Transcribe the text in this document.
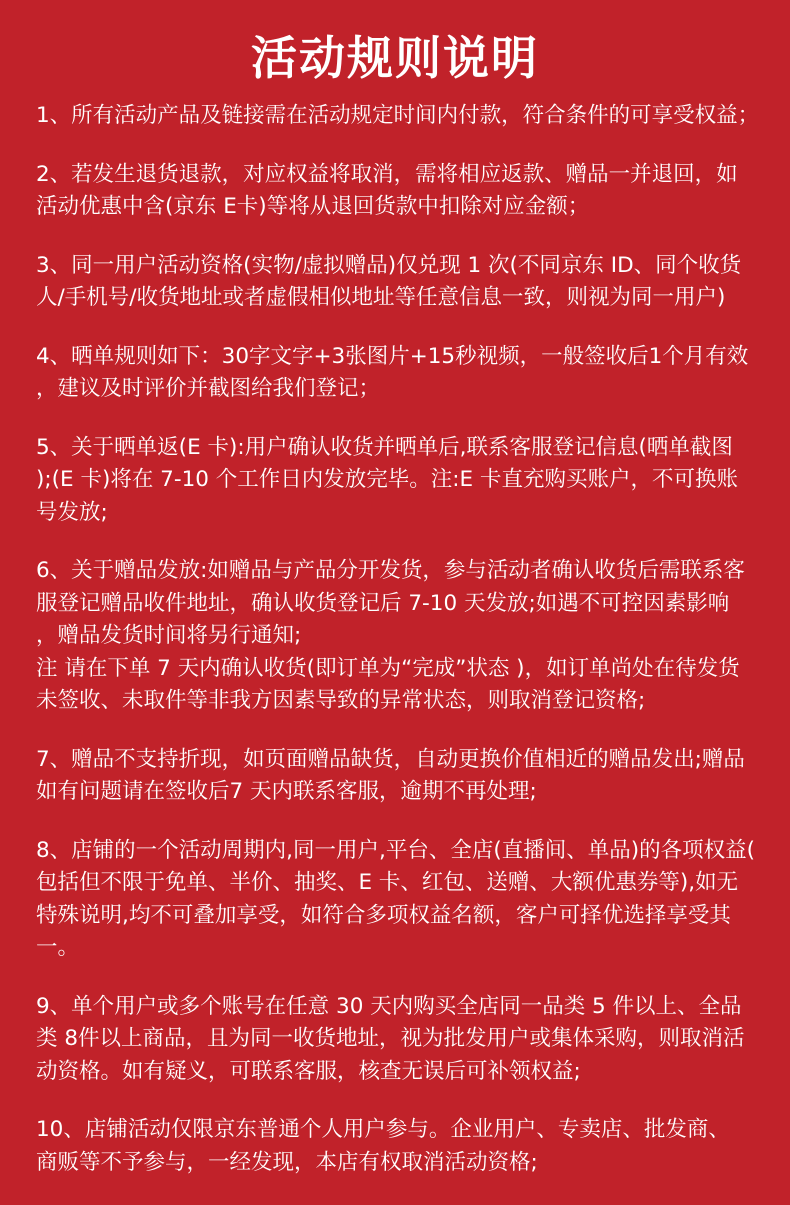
活动规则说明
1、所有活动产品及链接需在活动规定时间内付款，符合条件的可享受权益；
2、若发生退货退款，对应权益将取消，需将相应返款、赠品一并退回，如
活动优惠中含(京东 E卡)等将从退回货款中扣除对应金额；
3、同一用户活动资格(实物/虚拟赠品)仅兑现 1 次(不同京东 ID、同个收货
人/手机号/收货地址或者虚假相似地址等任意信息一致，则视为同一用户)
4、晒单规则如下：30字文字+3张图片+15秒视频，一般签收后1个月有效
，建议及时评价并截图给我们登记；
5、关于晒单返(E 卡):用户确认收货并晒单后,联系客服登记信息(晒单截图
);(E 卡)将在 7-10 个工作日内发放完毕。注:E 卡直充购买账户，不可换账
号发放;
6、关于赠品发放:如赠品与产品分开发货，参与活动者确认收货后需联系客
服登记赠品收件地址，确认收货登记后 7-10 天发放;如遇不可控因素影响
，赠品发货时间将另行通知;
注 请在下单 7 天内确认收货(即订单为“完成”状态 )，如订单尚处在待发货
未签收、未取件等非我方因素导致的异常状态，则取消登记资格;
7、赠品不支持折现，如页面赠品缺货，自动更换价值相近的赠品发出;赠品
如有问题请在签收后7 天内联系客服，逾期不再处理;
8、店铺的一个活动周期内,同一用户,平台、全店(直播间、单品)的各项权益(
包括但不限于免单、半价、抽奖、E 卡、红包、送赠、大额优惠券等),如无
特殊说明,均不可叠加享受，如符合多项权益名额，客户可择优选择享受其
一。
9、单个用户或多个账号在任意 30 天内购买全店同一品类 5 件以上、全品
类 8件以上商品，且为同一收货地址，视为批发用户或集体采购，则取消活
动资格。如有疑义，可联系客服，核查无误后可补领权益;
10、店铺活动仅限京东普通个人用户参与。企业用户、专卖店、批发商、
商贩等不予参与，一经发现，本店有权取消活动资格;
